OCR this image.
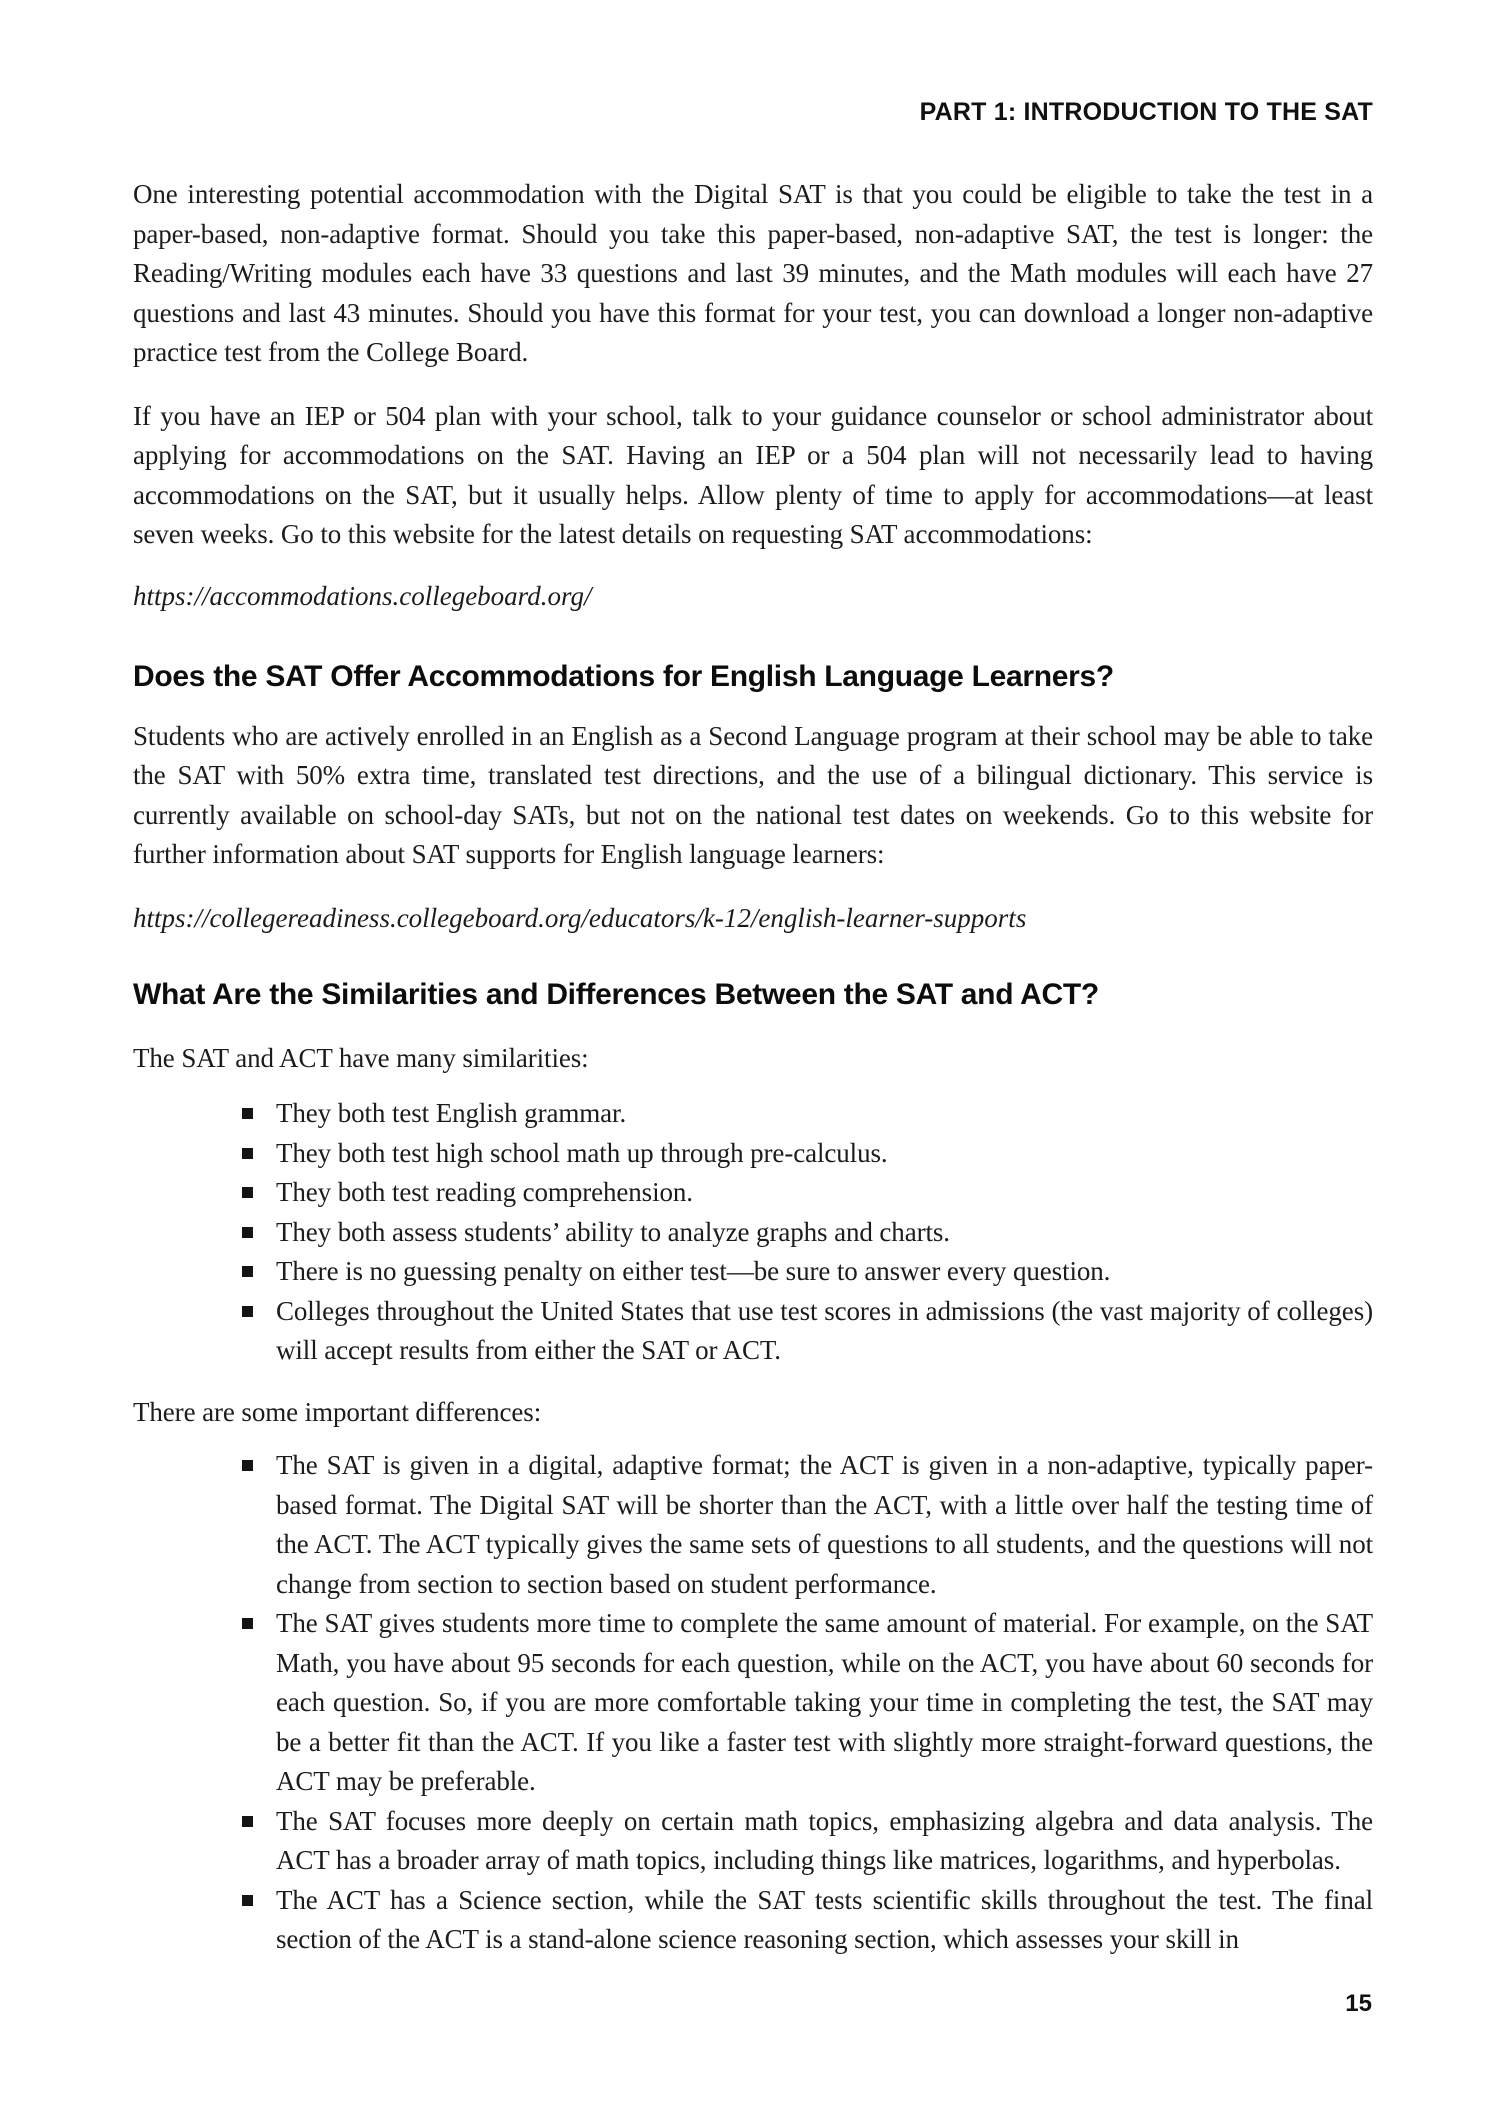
PART 1: INTRODUCTION TO THE SAT

One interesting potential accommodation with the Digital SAT is that you could be eligible to take the test in a paper-based, non-adaptive format. Should you take this paper-based, non-adaptive SAT, the test is longer: the Reading/Writing modules each have 33 questions and last 39 minutes, and the Math modules will each have 27 questions and last 43 minutes. Should you have this format for your test, you can download a longer non-adaptive practice test from the College Board.

If you have an IEP or 504 plan with your school, talk to your guidance counselor or school administrator about applying for accommodations on the SAT. Having an IEP or a 504 plan will not necessarily lead to having accommodations on the SAT, but it usually helps. Allow plenty of time to apply for accommodations—at least seven weeks. Go to this website for the latest details on requesting SAT accommodations:

https://accommodations.collegeboard.org/

Does the SAT Offer Accommodations for English Language Learners?

Students who are actively enrolled in an English as a Second Language program at their school may be able to take the SAT with 50% extra time, translated test directions, and the use of a bilingual dictionary. This service is currently available on school-day SATs, but not on the national test dates on weekends. Go to this website for further information about SAT supports for English language learners:

https://collegereadiness.collegeboard.org/educators/k-12/english-learner-supports

What Are the Similarities and Differences Between the SAT and ACT?

The SAT and ACT have many similarities:

They both test English grammar.
They both test high school math up through pre-calculus.
They both test reading comprehension.
They both assess students’ ability to analyze graphs and charts.
There is no guessing penalty on either test—be sure to answer every question.
Colleges throughout the United States that use test scores in admissions (the vast majority of colleges) will accept results from either the SAT or ACT.

There are some important differences:

The SAT is given in a digital, adaptive format; the ACT is given in a non-adaptive, typically paper-based format. The Digital SAT will be shorter than the ACT, with a little over half the testing time of the ACT. The ACT typically gives the same sets of questions to all students, and the questions will not change from section to section based on student performance.
The SAT gives students more time to complete the same amount of material. For example, on the SAT Math, you have about 95 seconds for each question, while on the ACT, you have about 60 seconds for each question. So, if you are more comfortable taking your time in completing the test, the SAT may be a better fit than the ACT. If you like a faster test with slightly more straight-forward questions, the ACT may be preferable.
The SAT focuses more deeply on certain math topics, emphasizing algebra and data analysis. The ACT has a broader array of math topics, including things like matrices, logarithms, and hyperbolas.
The ACT has a Science section, while the SAT tests scientific skills throughout the test. The final section of the ACT is a stand-alone science reasoning section, which assesses your skill in
15
